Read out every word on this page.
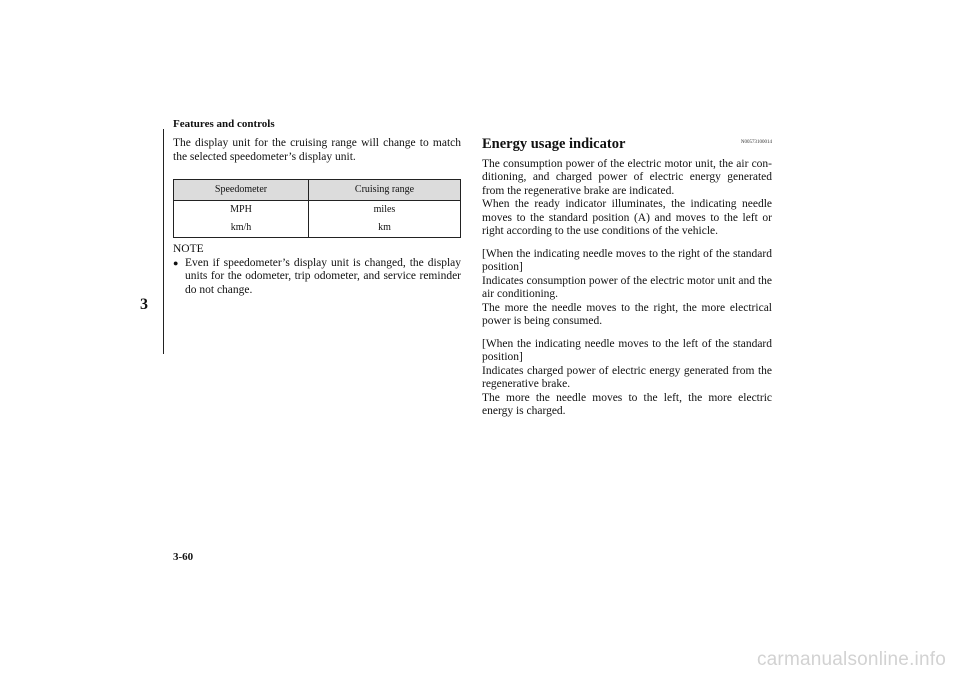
Features and controls
3

The display unit for the cruising range will change to match the selected speedometer’s display unit.

Speedometer	Cruising range
MPH	miles
km/h	km
NOTE
● Even if speedometer’s display unit is changed, the display units for the odometer, trip odometer, and service reminder do not change.
Energy usage indicator	N00573100014

The consumption power of the electric motor unit, the air con-ditioning, and charged power of electric energy generated from the regenerative brake are indicated.

When the ready indicator illuminates, the indicating needle moves to the standard position (A) and moves to the left or right according to the use conditions of the vehicle.

[When the indicating needle moves to the right of the standard position]

Indicates consumption power of the electric motor unit and the air conditioning.

The more the needle moves to the right, the more electrical power is being consumed.

[When the indicating needle moves to the left of the standard position]

Indicates charged power of electric energy generated from the regenerative brake.

The more the needle moves to the left, the more electric energy is charged.

3-60
carmanualsonline.info
